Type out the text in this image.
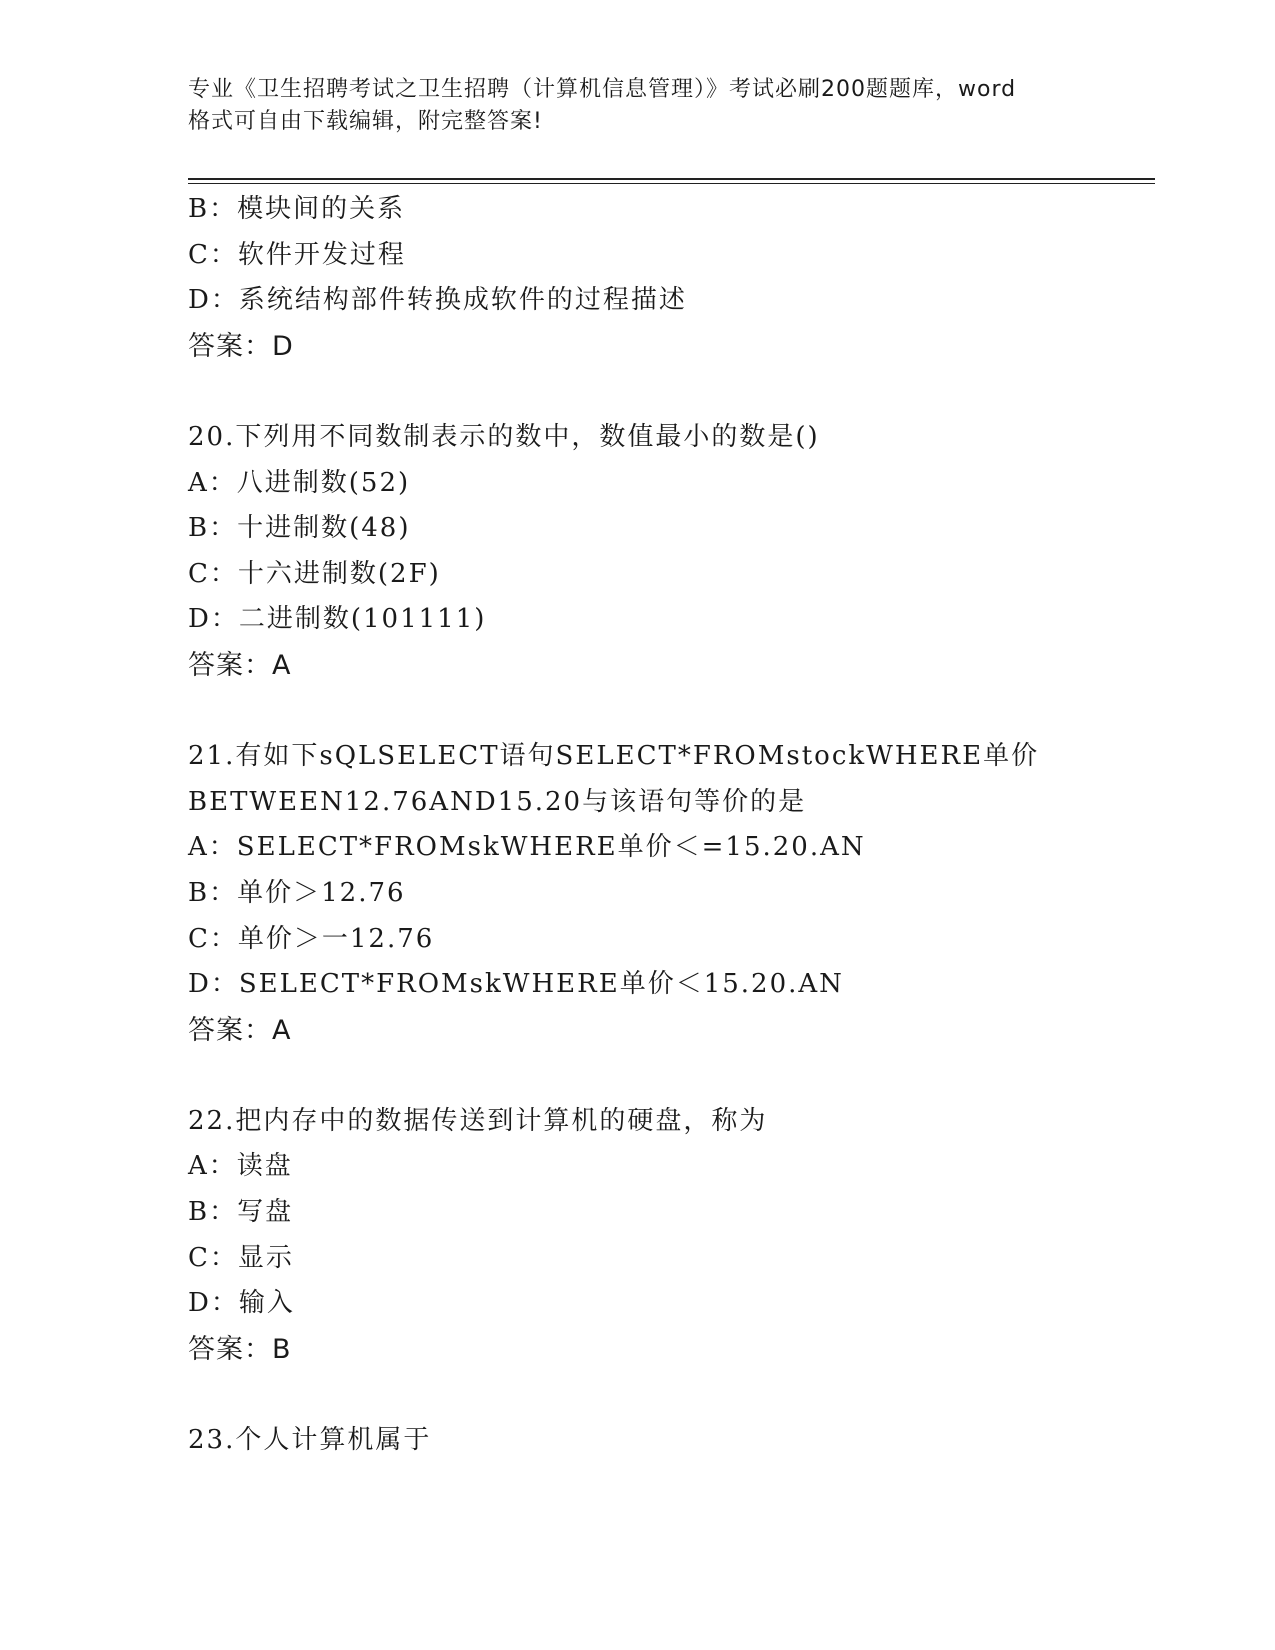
专业《卫生招聘考试之卫生招聘（计算机信息管理）》考试必刷200题题库，word
格式可自由下载编辑，附完整答案!
B：模块间的关系
C：软件开发过程
D：系统结构部件转换成软件的过程描述
答案：D
20.下列用不同数制表示的数中，数值最小的数是()
A：八进制数(52)
B：十进制数(48)
C：十六进制数(2F)
D：二进制数(101111)
答案：A
21.有如下sQLSELECT语句SELECT*FROMstockWHERE单价
BETWEEN12.76AND15.20与该语句等价的是
A：SELECT*FROMskWHERE单价＜=15.20.AN
B：单价＞12.76
C：单价＞一12.76
D：SELECT*FROMskWHERE单价＜15.20.AN
答案：A
22.把内存中的数据传送到计算机的硬盘，称为
A：读盘
B：写盘
C：显示
D：输入
答案：B
23.个人计算机属于
